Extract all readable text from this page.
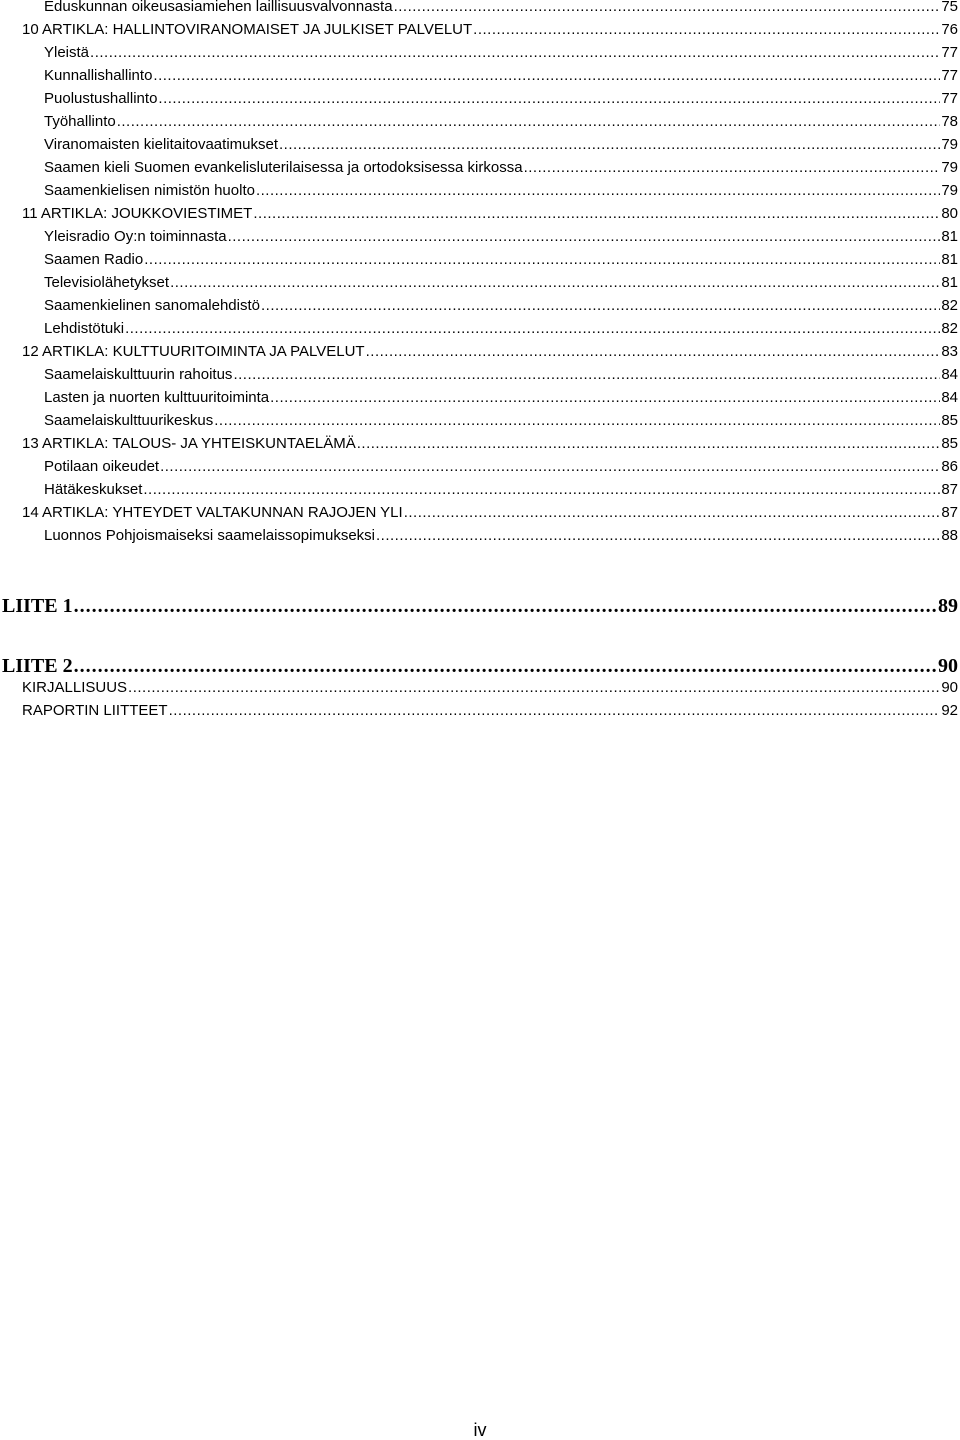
Eduskunnan oikeusasiamiehen laillisuusvalvonnasta .....	75
10 ARTIKLA: HALLINTOVIRANOMAISET JA JULKISET PALVELUT .....	76
Yleistä .....	77
Kunnallishallinto .....	77
Puolustushallinto .....	77
Työhallinto .....	78
Viranomaisten kielitaitovaatimukset .....	79
Saamen kieli Suomen evankelisluterilaisessa ja ortodoksisessa kirkossa .....	79
Saamenkielisen nimistön huolto .....	79
11 ARTIKLA: JOUKKOVIESTIMET .....	80
Yleisradio Oy:n toiminnasta .....	81
Saamen Radio .....	81
Televisiolähetykset .....	81
Saamenkielinen sanomalehdistö .....	82
Lehdistötuki .....	82
12 ARTIKLA: KULTTUURITOIMINTA JA PALVELUT .....	83
Saamelaiskulttuurin rahoitus .....	84
Lasten ja nuorten kulttuuritoiminta .....	84
Saamelaiskulttuurikeskus .....	85
13 ARTIKLA: TALOUS- JA YHTEISKUNTAELÄMÄ .....	85
Potilaan oikeudet .....	86
Hätäkeskukset .....	87
14 ARTIKLA: YHTEYDET VALTAKUNNAN RAJOJEN YLI .....	87
Luonnos Pohjoismaiseksi saamelaissopimukseksi .....	88
LIITE 1 .....	89
LIITE 2 .....	90
KIRJALLISUUS .....	90
RAPORTIN LIITTEET .....	92
iv
